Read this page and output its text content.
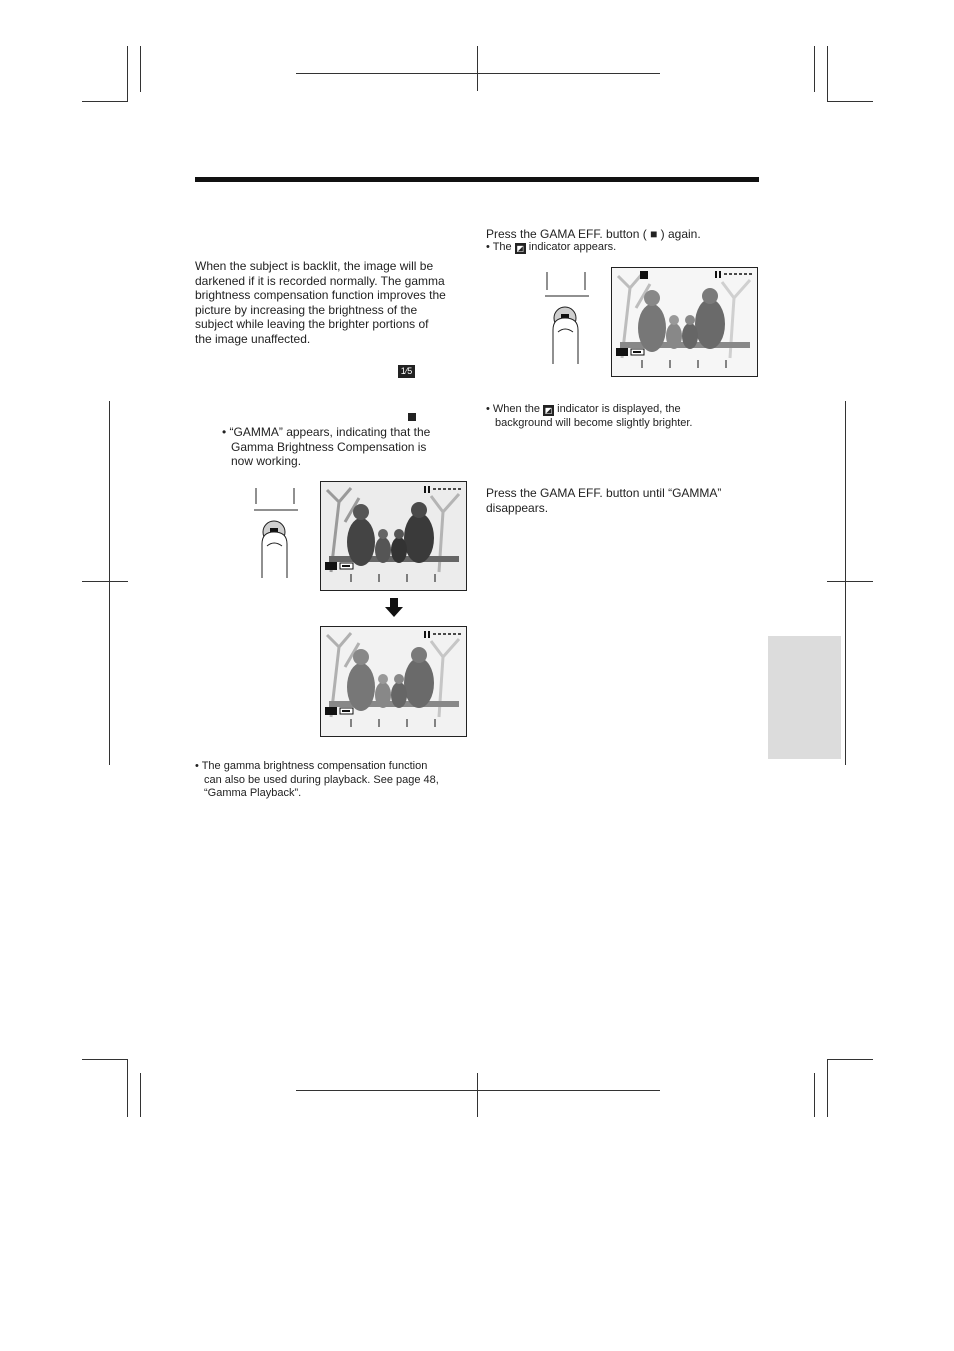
When the subject is backlit, the image will be
darkened if it is recorded normally. The gamma
brightness compensation function improves the
picture by increasing the brightness of the
subject while leaving the brighter portions of
the image unaffected.
1⁄5
• “GAMMA” appears, indicating that the
Gamma Brightness Compensation is
now working.
• The gamma brightness compensation function
can also be used during playback. See page 48,
“Gamma Playback”.
Press the GAMA EFF. button ( ■ ) again.
• The ◩ indicator appears.
• When the ◩ indicator is displayed, the
background will become slightly brighter.
Press the GAMA EFF. button until “GAMMA”
disappears.
